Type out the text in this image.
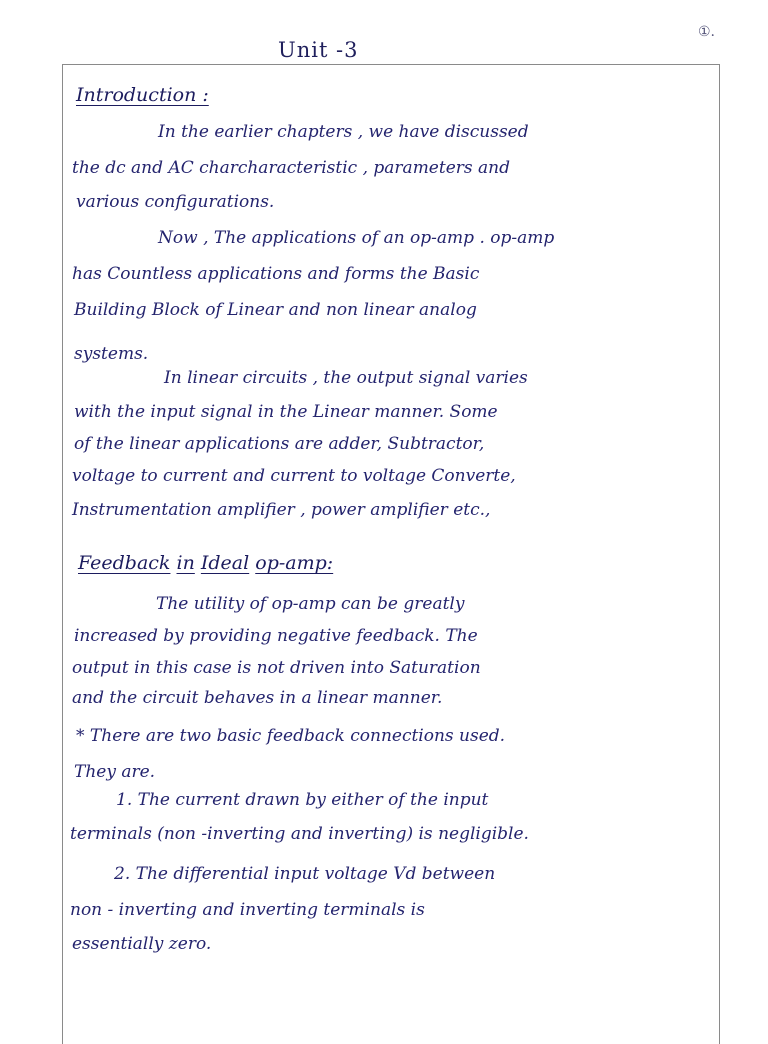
①.
Unit -3
Introduction :
In the earlier chapters , we have discussed
the dc and AC charcharacteristic , parameters and
various configurations.
Now , The applications of an op-amp . op-amp
has Countless applications and forms the Basic
Building Block of Linear and non linear analog
systems.
In linear circuits , the output signal varies
with the input signal in the Linear manner. Some
of the linear applications are adder, Subtractor,
voltage to current and current to voltage Converte,
Instrumentation amplifier , power amplifier etc.,
Feedback in Ideal op-amp:
The utility of op-amp can be greatly
increased by providing negative feedback. The
output in this case is not driven into Saturation
and the circuit behaves in a linear manner.
* There are two basic feedback connections used.
They are.
1. The current drawn by either of the input
terminals (non -inverting and inverting) is negligible.
2. The differential input voltage Vd between
non - inverting and inverting terminals is
essentially zero.
